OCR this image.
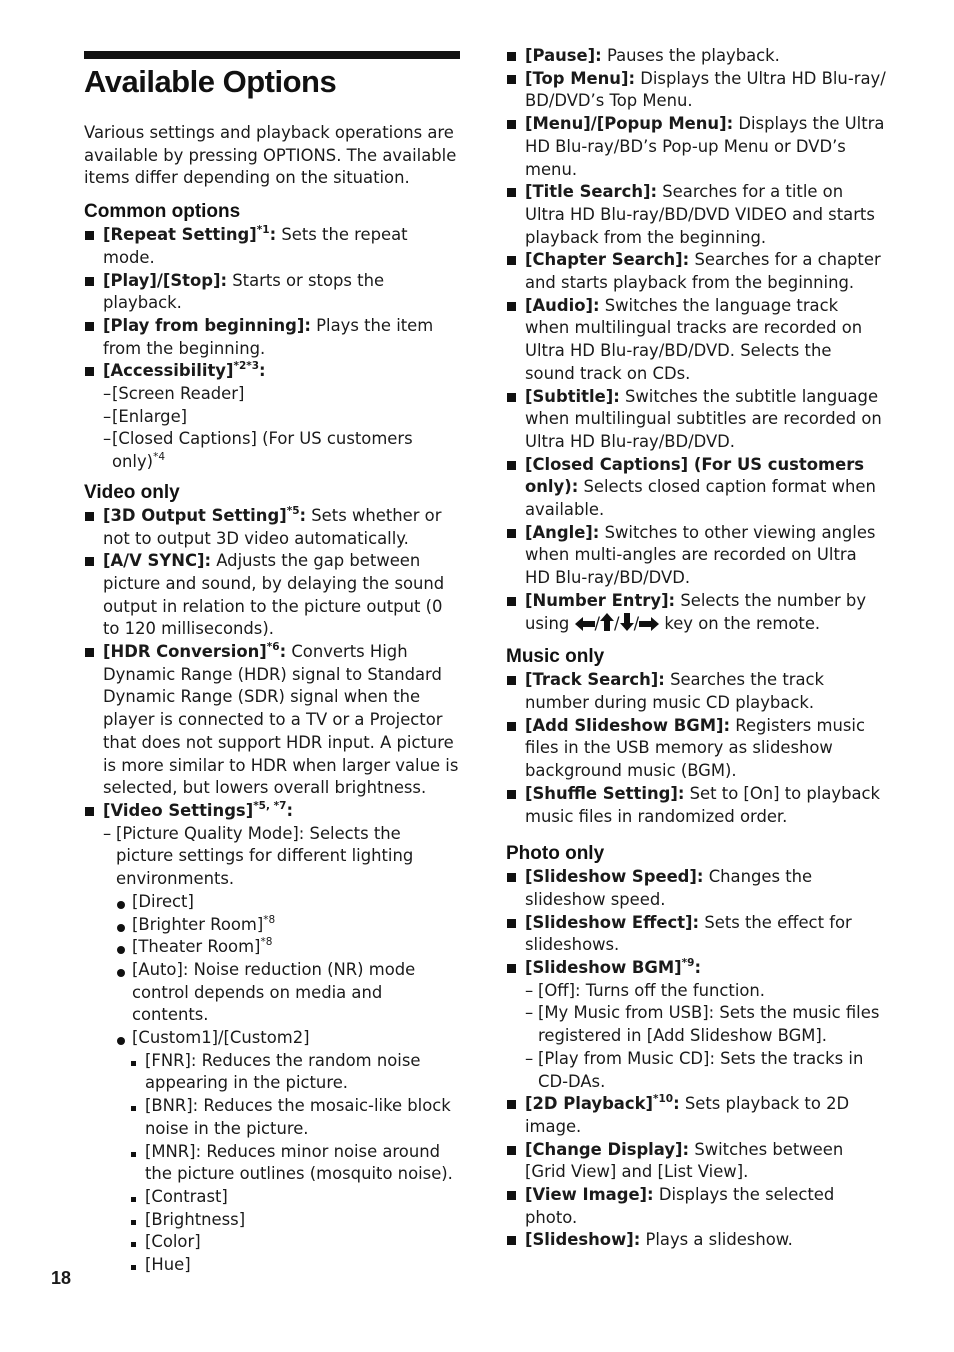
Available Options

Various settings and playback operations are available by pressing OPTIONS. The available items differ depending on the situation.

Common options
[Repeat Setting]$^{*1}$: Sets the repeat mode.
[Play]/[Stop]: Starts or stops the playback.
[Play from beginning]: Plays the item from the beginning.
[Accessibility]$^{*2*3}$:
– [Screen Reader]
– [Enlarge]
– [Closed Captions] (For US customers only)$^{*4}$
Video only
[3D Output Setting]$^{*5}$: Sets whether or not to output 3D video automatically.
[A/V SYNC]: Adjusts the gap between picture and sound, by delaying the sound output in relation to the picture output (0 to 120 milliseconds).
[HDR Conversion]$^{*6}$: Converts High Dynamic Range (HDR) signal to Standard Dynamic Range (SDR) signal when the player is connected to a TV or a Projector that does not support HDR input. A picture is more similar to HDR when larger value is selected, but lowers overall brightness.
[Video Settings]$^{*5, *7}$:
– [Picture Quality Mode]: Selects the picture settings for different lighting environments.
[Direct]
[Brighter Room]$^{*8}$
[Theater Room]$^{*8}$
[Auto]: Noise reduction (NR) mode control depends on media and contents.
[Custom1]/[Custom2]
[FNR]: Reduces the random noise appearing in the picture.
[BNR]: Reduces the mosaic-like block noise in the picture.
[MNR]: Reduces minor noise around the picture outlines (mosquito noise).
[Contrast]
[Brightness]
[Color]
[Hue]
[Pause]: Pauses the playback.
[Top Menu]: Displays the Ultra HD Blu-ray/ BD/DVD’s Top Menu.
[Menu]/[Popup Menu]: Displays the Ultra HD Blu-ray/BD’s Pop-up Menu or DVD’s menu.
[Title Search]: Searches for a title on Ultra HD Blu-ray/BD/DVD VIDEO and starts playback from the beginning.
[Chapter Search]: Searches for a chapter and starts playback from the beginning.
[Audio]: Switches the language track when multilingual tracks are recorded on Ultra HD Blu-ray/BD/DVD. Selects the sound track on CDs.
[Subtitle]: Switches the subtitle language when multilingual subtitles are recorded on Ultra HD Blu-ray/BD/DVD.
[Closed Captions] (For US customers only): Selects closed caption format when available.
[Angle]: Switches to other viewing angles when multi-angles are recorded on Ultra HD Blu-ray/BD/DVD.
[Number Entry]: Selects the number by using / / / key on the remote.
Music only
[Track Search]: Searches the track number during music CD playback.
[Add Slideshow BGM]: Registers music files in the USB memory as slideshow background music (BGM).
[Shuffle Setting]: Set to [On] to playback music files in randomized order.
Photo only
[Slideshow Speed]: Changes the slideshow speed.
[Slideshow Effect]: Sets the effect for slideshows.
[Slideshow BGM]$^{*9}$:
– [Off]: Turns off the function.
– [My Music from USB]: Sets the music files registered in [Add Slideshow BGM].
– [Play from Music CD]: Sets the tracks in CD-DAs.
[2D Playback]$^{*10}$: Sets playback to 2D image.
[Change Display]: Switches between [Grid View] and [List View].
[View Image]: Displays the selected photo.
[Slideshow]: Plays a slideshow.
18
